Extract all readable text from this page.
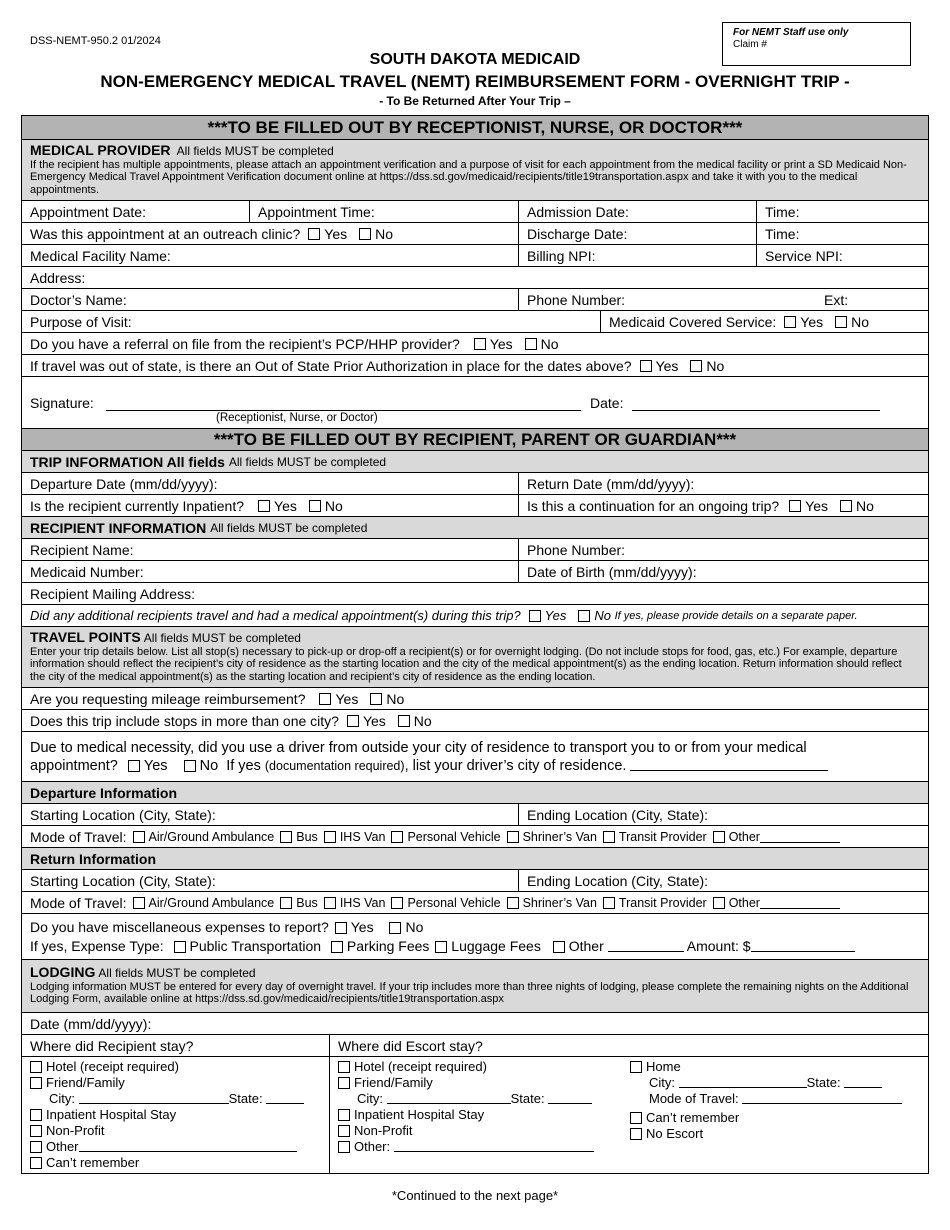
DSS-NEMT-950.2 01/2024
For NEMT Staff use only
Claim #
SOUTH DAKOTA MEDICAID
NON-EMERGENCY MEDICAL TRAVEL (NEMT) REIMBURSEMENT FORM - OVERNIGHT TRIP -
- To Be Returned After Your Trip –
***TO BE FILLED OUT BY RECEPTIONIST, NURSE, OR DOCTOR***
MEDICAL PROVIDER All fields MUST be completed
If the recipient has multiple appointments, please attach an appointment verification and a purpose of visit for each appointment from the medical facility or print a SD Medicaid Non-Emergency Medical Travel Appointment Verification document online at https://dss.sd.gov/medicaid/recipients/title19transportation.aspx and take it with you to the medical appointments.
Appointment Date:	Appointment Time:	Admission Date:	Time:
Was this appointment at an outreach clinic? Yes No	Discharge Date:	Time:
Medical Facility Name:	Billing NPI:	Service NPI:
Address:
Doctor’s Name:	Phone Number:	Ext:
Purpose of Visit:	Medicaid Covered Service: Yes No
Do you have a referral on file from the recipient’s PCP/HHP provider? Yes No
If travel was out of state, is there an Out of State Prior Authorization in place for the dates above? Yes No
Signature:
(Receptionist, Nurse, or Doctor)
Date:
***TO BE FILLED OUT BY RECIPIENT, PARENT OR GUARDIAN***
TRIP INFORMATION All fields
All fields MUST be completed
Departure Date (mm/dd/yyyy):	Return Date (mm/dd/yyyy):
Is the recipient currently Inpatient? Yes No	Is this a continuation for an ongoing trip? Yes No
RECIPIENT INFORMATION
All fields MUST be completed
Recipient Name:	Phone Number:
Medicaid Number:	Date of Birth (mm/dd/yyyy):
Recipient Mailing Address:
Did any additional recipients travel and had a medical appointment(s) during this trip? Yes No
If yes, please provide details on a separate paper.
TRAVEL POINTS All fields MUST be completed
Enter your trip details below. List all stop(s) necessary to pick-up or drop-off a recipient(s) or for overnight lodging. (Do not include stops for food, gas, etc.) For example, departure information should reflect the recipient’s city of residence as the starting location and the city of the medical appointment(s) as the ending location. Return information should reflect the city of the medical appointment(s) as the starting location and recipient’s city of residence as the ending location.
Are you requesting mileage reimbursement? Yes No
Does this trip include stops in more than one city? Yes No
Due to medical necessity, did you use a driver from outside your city of residence to transport you to or from your medical
appointment? Yes No If yes (documentation required), list your driver’s city of residence.
Departure Information
Starting Location (City, State):	Ending Location (City, State):
Mode of Travel: Air/Ground Ambulance Bus IHS Van Personal Vehicle Shriner’s Van Transit Provider Other
Return Information
Starting Location (City, State):	Ending Location (City, State):
Mode of Travel: Air/Ground Ambulance Bus IHS Van Personal Vehicle Shriner’s Van Transit Provider Other
Do you have miscellaneous expenses to report? Yes No
If yes, Expense Type: Public Transportation Parking Fees Luggage Fees Other	Amount: $
LODGING All fields MUST be completed
Lodging information MUST be entered for every day of overnight travel. If your trip includes more than three nights of lodging, please complete the remaining nights on the Additional Lodging Form, available online at https://dss.sd.gov/medicaid/recipients/title19transportation.aspx
Date (mm/dd/yyyy):
Where did Recipient stay?	Where did Escort stay?
Hotel (receipt required)
Friend/Family
City:	State:
Inpatient Hospital Stay
Non-Profit
Other
Can’t remember
Hotel (receipt required)
Friend/Family
City:	State:
Inpatient Hospital Stay
Non-Profit
Other:
Home
City:	State:
Mode of Travel:
Can’t remember
No Escort
*Continued to the next page*
